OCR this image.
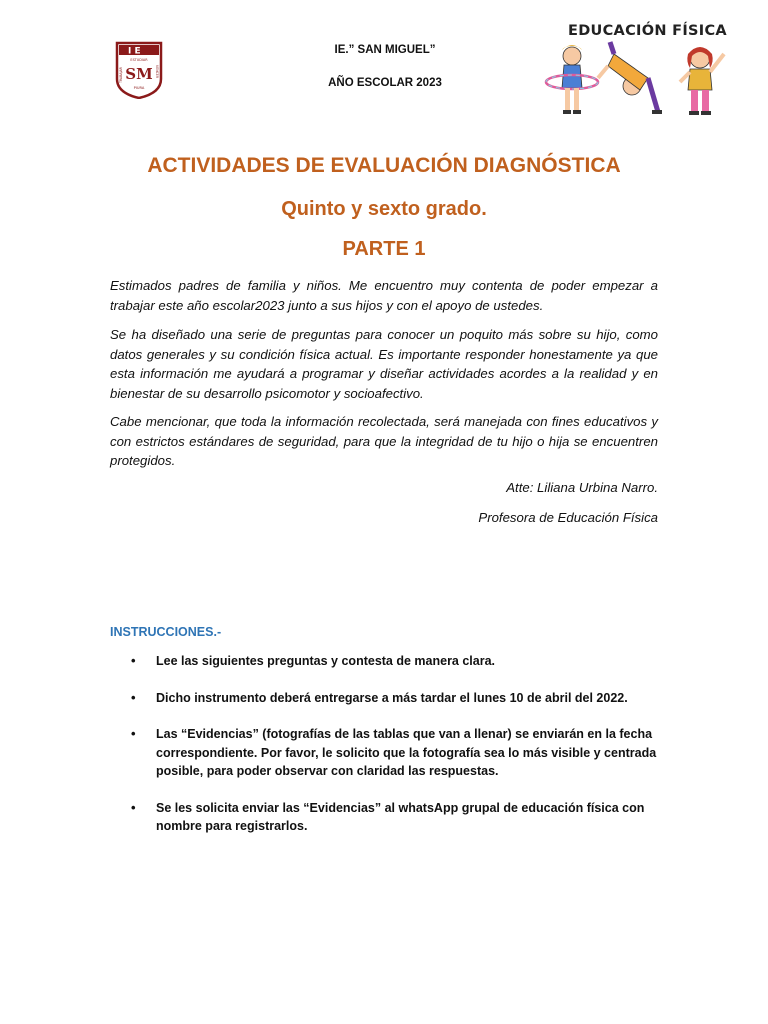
I E
ESTUDIAR
SM
TRABAJAR	VENCER
PIURA
IE.” SAN MIGUEL”
AÑO ESCOLAR 2023
EDUCACIÓN FÍSICA
ACTIVIDADES DE EVALUACIÓN DIAGNÓSTICA
Quinto y sexto grado.
PARTE 1

Estimados padres de familia y niños. Me encuentro muy contenta de poder empezar a trabajar este año escolar2023 junto a sus hijos y con el apoyo de ustedes.

Se ha diseñado una serie de preguntas para conocer un poquito más sobre su hijo, como datos generales y su condición física actual. Es importante responder honestamente ya que esta información me ayudará a programar y diseñar actividades acordes a la realidad y en bienestar de su desarrollo psicomotor y socioafectivo.

Cabe mencionar, que toda la información recolectada, será manejada con fines educativos y con estrictos estándares de seguridad, para que la integridad de tu hijo o hija se encuentren protegidos.

Atte: Liliana Urbina Narro.
Profesora de Educación Física
INSTRUCCIONES.-
• Lee las siguientes preguntas y contesta de manera clara.
• Dicho instrumento deberá entregarse a más tardar el lunes 10 de abril del 2022.
• Las “Evidencias” (fotografías de las tablas que van a llenar) se enviarán en la fecha correspondiente. Por favor, le solicito que la fotografía sea lo más visible y centrada posible, para poder observar con claridad las respuestas.
• Se les solicita enviar las “Evidencias” al whatsApp grupal de educación física con nombre para registrarlos.
